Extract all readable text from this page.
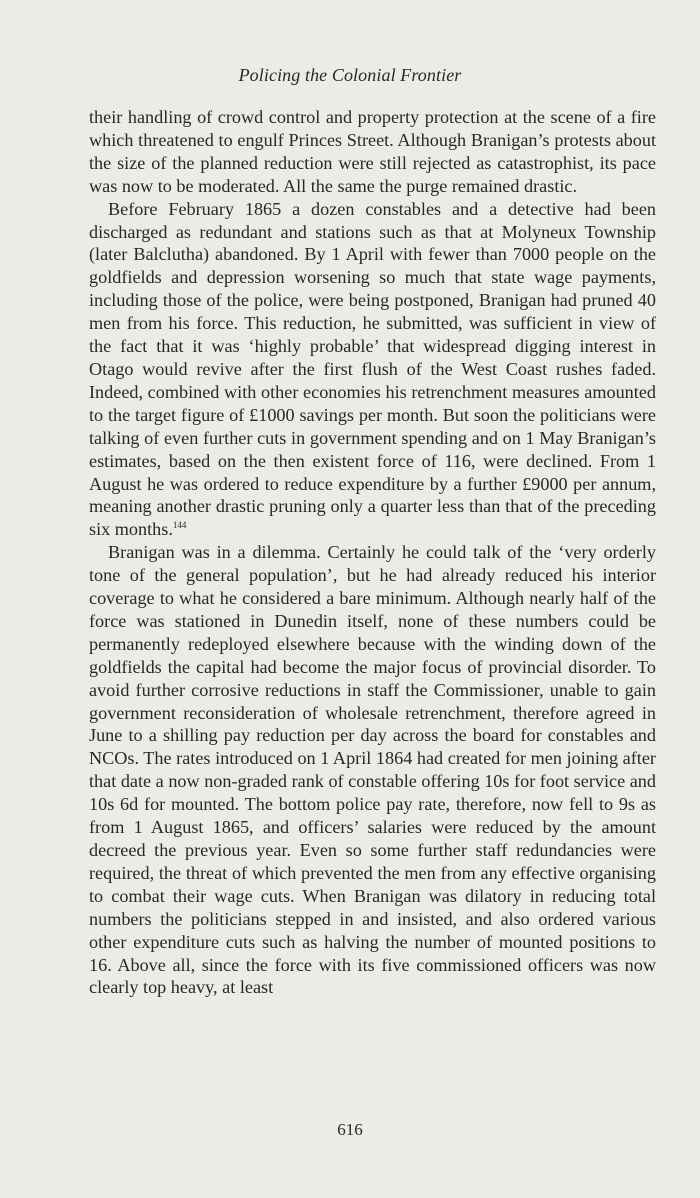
Policing the Colonial Frontier

their handling of crowd control and property protection at the scene of a fire which threatened to engulf Princes Street. Although Branigan’s protests about the size of the planned reduction were still rejected as catastrophist, its pace was now to be moderated. All the same the purge remained drastic.

Before February 1865 a dozen constables and a detective had been discharged as redundant and stations such as that at Molyneux Township (later Balclutha) abandoned. By 1 April with fewer than 7000 people on the goldfields and depression worsening so much that state wage payments, including those of the police, were being postponed, Branigan had pruned 40 men from his force. This reduction, he submitted, was sufficient in view of the fact that it was ‘highly probable’ that widespread digging interest in Otago would revive after the first flush of the West Coast rushes faded. Indeed, combined with other economies his retrenchment measures amounted to the target figure of £1000 savings per month. But soon the politicians were talking of even further cuts in government spending and on 1 May Branigan’s estimates, based on the then existent force of 116, were declined. From 1 August he was ordered to reduce expenditure by a further £9000 per annum, meaning another drastic pruning only a quarter less than that of the preceding six months.$^{144}$

Branigan was in a dilemma. Certainly he could talk of the ‘very orderly tone of the general population’, but he had already reduced his interior coverage to what he considered a bare minimum. Although nearly half of the force was stationed in Dunedin itself, none of these numbers could be permanently redeployed elsewhere because with the winding down of the goldfields the capital had become the major focus of provincial disorder. To avoid further corrosive reductions in staff the Commissioner, unable to gain government reconsideration of wholesale retrenchment, therefore agreed in June to a shilling pay reduction per day across the board for constables and NCOs. The rates introduced on 1 April 1864 had created for men joining after that date a now non-graded rank of constable offering 10s for foot service and 10s 6d for mounted. The bottom police pay rate, therefore, now fell to 9s as from 1 August 1865, and officers’ salaries were reduced by the amount decreed the previous year. Even so some further staff redundancies were required, the threat of which prevented the men from any effective organising to combat their wage cuts. When Branigan was dilatory in reducing total numbers the politicians stepped in and insisted, and also ordered various other expenditure cuts such as halving the number of mounted positions to 16. Above all, since the force with its five commissioned officers was now clearly top heavy, at least

616
